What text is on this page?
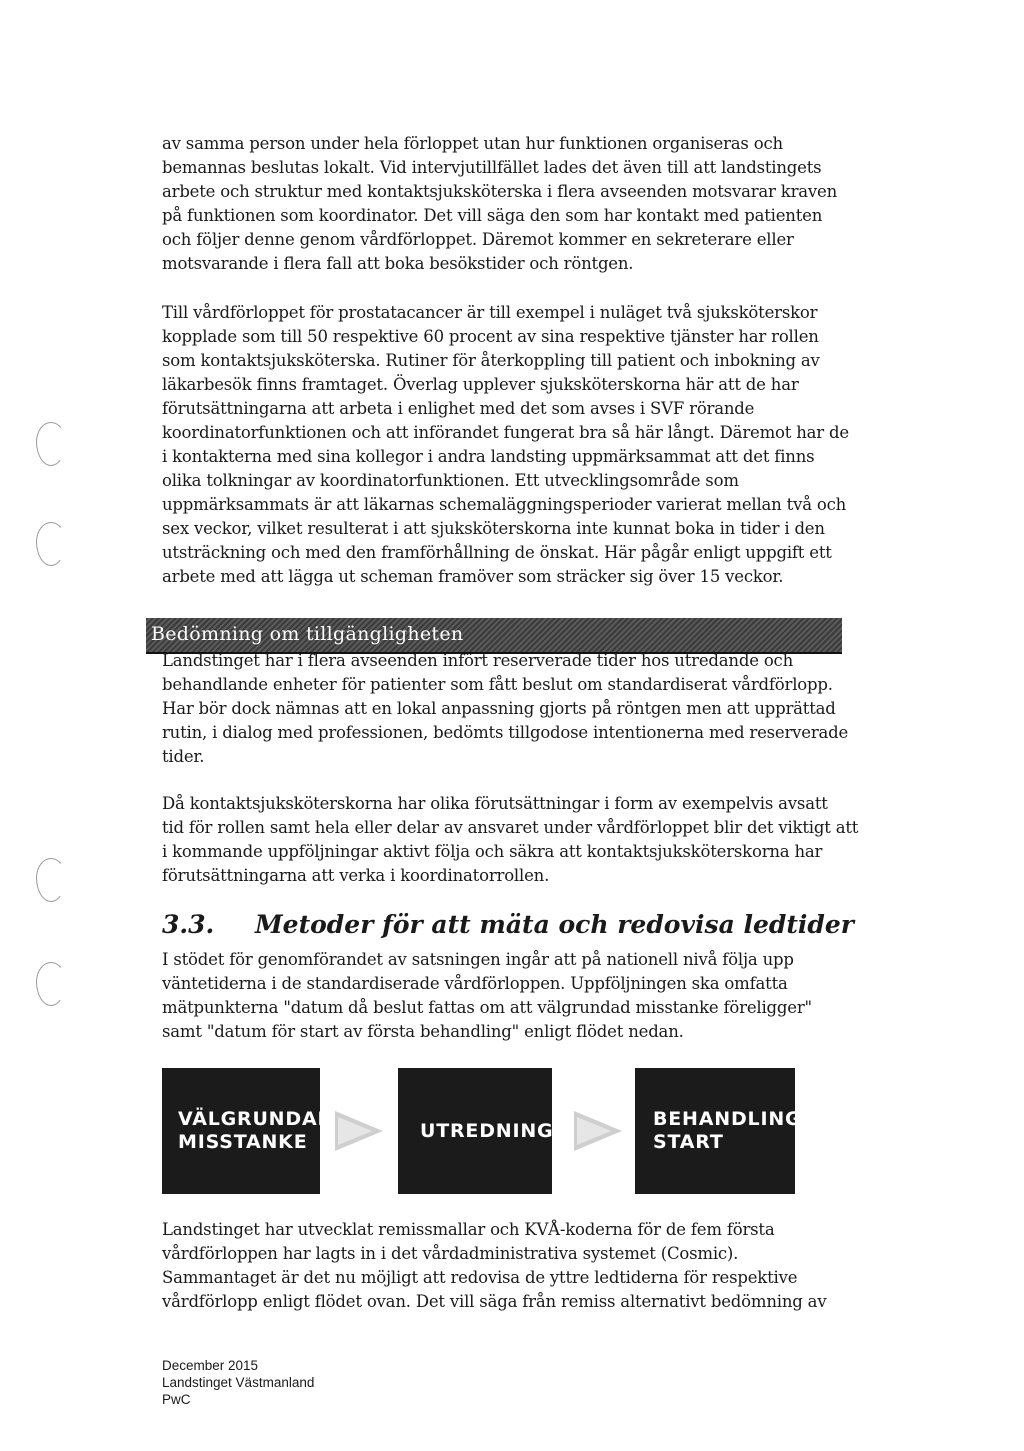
av samma person under hela förloppet utan hur funktionen organiseras och
bemannas beslutas lokalt. Vid intervjutillfället lades det även till att landstingets
arbete och struktur med kontaktsjuksköterska i flera avseenden motsvarar kraven
på funktionen som koordinator. Det vill säga den som har kontakt med patienten
och följer denne genom vårdförloppet. Däremot kommer en sekreterare eller
motsvarande i flera fall att boka besökstider och röntgen.

Till vårdförloppet för prostatacancer är till exempel i nuläget två sjuksköterskor
kopplade som till 50 respektive 60 procent av sina respektive tjänster har rollen
som kontaktsjuksköterska. Rutiner för återkoppling till patient och inbokning av
läkarbesök finns framtaget. Överlag upplever sjuksköterskorna här att de har
förutsättningarna att arbeta i enlighet med det som avses i SVF rörande
koordinatorfunktionen och att införandet fungerat bra så här långt. Däremot har de
i kontakterna med sina kollegor i andra landsting uppmärksammat att det finns
olika tolkningar av koordinatorfunktionen. Ett utvecklingsområde som
uppmärksammats är att läkarnas schemaläggningsperioder varierat mellan två och
sex veckor, vilket resulterat i att sjuksköterskorna inte kunnat boka in tider i den
utsträckning och med den framförhållning de önskat. Här pågår enligt uppgift ett
arbete med att lägga ut scheman framöver som sträcker sig över 15 veckor.

Bedömning om tillgängligheten

Landstinget har i flera avseenden infört reserverade tider hos utredande och
behandlande enheter för patienter som fått beslut om standardiserat vårdförlopp.
Har bör dock nämnas att en lokal anpassning gjorts på röntgen men att upprättad
rutin, i dialog med professionen, bedömts tillgodose intentionerna med reserverade
tider.

Då kontaktsjuksköterskorna har olika förutsättningar i form av exempelvis avsatt
tid för rollen samt hela eller delar av ansvaret under vårdförloppet blir det viktigt att
i kommande uppföljningar aktivt följa och säkra att kontaktsjuksköterskorna har
förutsättningarna att verka i koordinatorrollen.

3.3. Metoder för att mäta och redovisa ledtider

I stödet för genomförandet av satsningen ingår att på nationell nivå följa upp
väntetiderna i de standardiserade vårdförloppen. Uppföljningen ska omfatta
mätpunkterna "datum då beslut fattas om att välgrundad misstanke föreligger"
samt "datum för start av första behandling" enligt flödet nedan.

VÄLGRUNDAD
MISSTANKE	UTREDNING
BEHANDLINGS-
START

Landstinget har utvecklat remissmallar och KVÅ-koderna för de fem första
vårdförloppen har lagts in i det vårdadministrativa systemet (Cosmic).
Sammantaget är det nu möjligt att redovisa de yttre ledtiderna för respektive
vårdförlopp enligt flödet ovan. Det vill säga från remiss alternativt bedömning av

December 2015
Landstinget Västmanland
PwC
